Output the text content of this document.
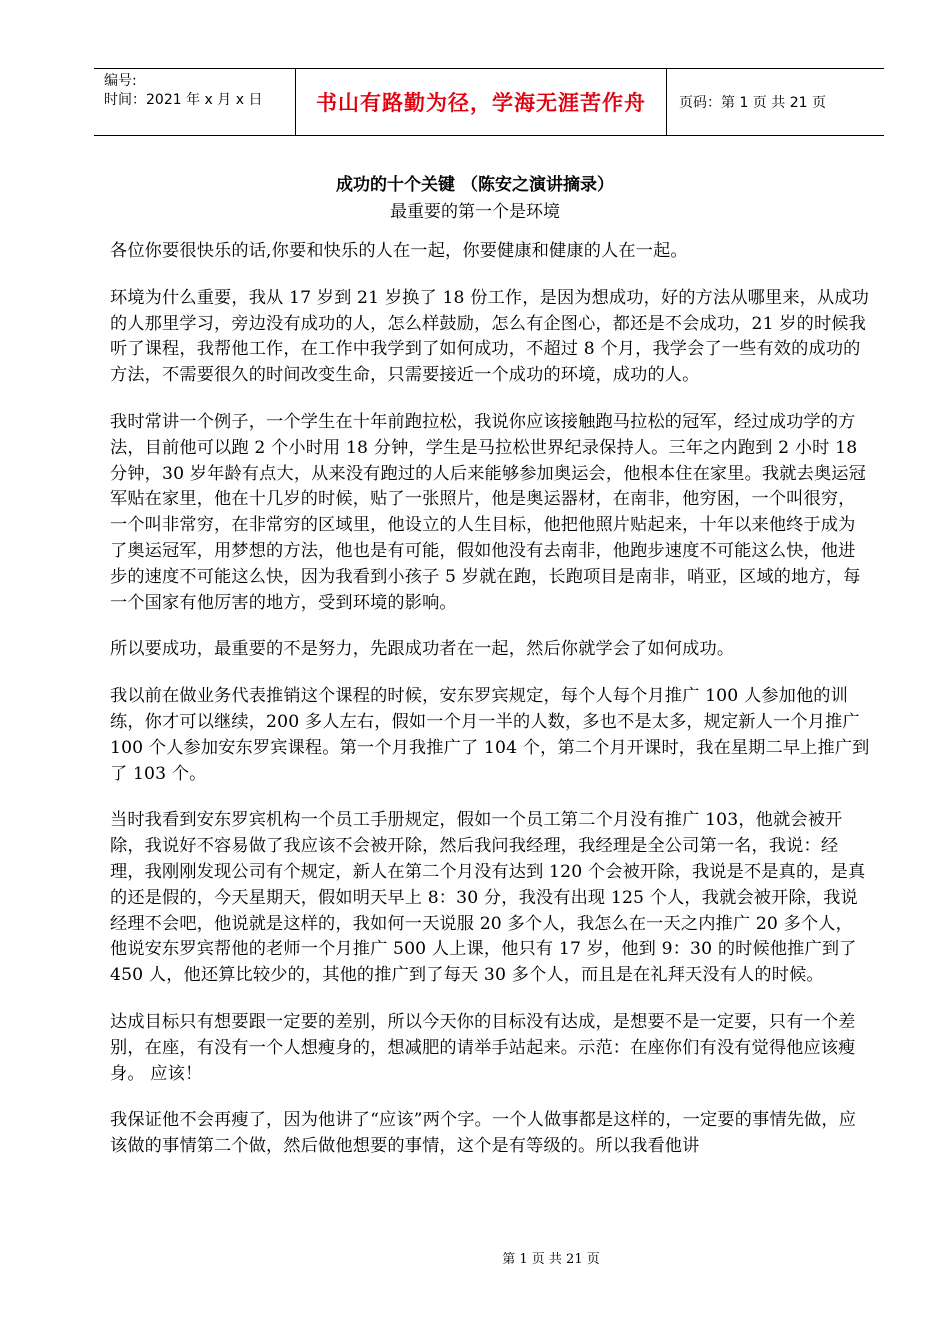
编号:
时间：2021 年 x 月 x 日	书山有路勤为径，学海无涯苦作舟	页码：第 1 页 共 21 页
成功的十个关键 （陈安之演讲摘录）
最重要的第一个是环境

各位你要很快乐的话,你要和快乐的人在一起，你要健康和健康的人在一起。

环境为什么重要，我从 17 岁到 21 岁换了 18 份工作，是因为想成功，好的方法从哪里来，从成功的人那里学习，旁边没有成功的人，怎么样鼓励，怎么有企图心，都还是不会成功，21 岁的时候我听了课程，我帮他工作，在工作中我学到了如何成功，不超过 8 个月，我学会了一些有效的成功的方法，不需要很久的时间改变生命，只需要接近一个成功的环境，成功的人。

我时常讲一个例子，一个学生在十年前跑拉松，我说你应该接触跑马拉松的冠军，经过成功学的方法，目前他可以跑 2 个小时用 18 分钟，学生是马拉松世界纪录保持人。三年之内跑到 2 小时 18 分钟，30 岁年龄有点大，从来没有跑过的人后来能够参加奥运会，他根本住在家里。我就去奥运冠军贴在家里，他在十几岁的时候，贴了一张照片，他是奥运器材，在南非，他穷困，一个叫很穷，一个叫非常穷，在非常穷的区域里，他设立的人生目标，他把他照片贴起来，十年以来他终于成为了奥运冠军，用梦想的方法，他也是有可能，假如他没有去南非，他跑步速度不可能这么快，他进步的速度不可能这么快，因为我看到小孩子 5 岁就在跑，长跑项目是南非，哨亚，区域的地方，每一个国家有他厉害的地方，受到环境的影响。

所以要成功，最重要的不是努力，先跟成功者在一起，然后你就学会了如何成功。

我以前在做业务代表推销这个课程的时候，安东罗宾规定，每个人每个月推广 100 人参加他的训练，你才可以继续，200 多人左右，假如一个月一半的人数，多也不是太多，规定新人一个月推广 100 个人参加安东罗宾课程。第一个月我推广了 104 个，第二个月开课时，我在星期二早上推广到了 103 个。

当时我看到安东罗宾机构一个员工手册规定，假如一个员工第二个月没有推广 103，他就会被开除，我说好不容易做了我应该不会被开除，然后我问我经理，我经理是全公司第一名，我说：经理，我刚刚发现公司有个规定，新人在第二个月没有达到 120 个会被开除，我说是不是真的，是真的还是假的，今天星期天，假如明天早上 8：30 分，我没有出现 125 个人，我就会被开除，我说经理不会吧，他说就是这样的，我如何一天说服 20 多个人，我怎么在一天之内推广 20 多个人，他说安东罗宾帮他的老师一个月推广 500 人上课，他只有 17 岁，他到 9：30 的时候他推广到了 450 人，他还算比较少的，其他的推广到了每天 30 多个人，而且是在礼拜天没有人的时候。

达成目标只有想要跟一定要的差别，所以今天你的目标没有达成，是想要不是一定要，只有一个差别，在座，有没有一个人想瘦身的，想减肥的请举手站起来。示范：在座你们有没有觉得他应该瘦身。 应该！

我保证他不会再瘦了，因为他讲了“应该”两个字。一个人做事都是这样的，一定要的事情先做，应该做的事情第二个做，然后做他想要的事情，这个是有等级的。所以我看他讲

第 1 页 共 21 页
